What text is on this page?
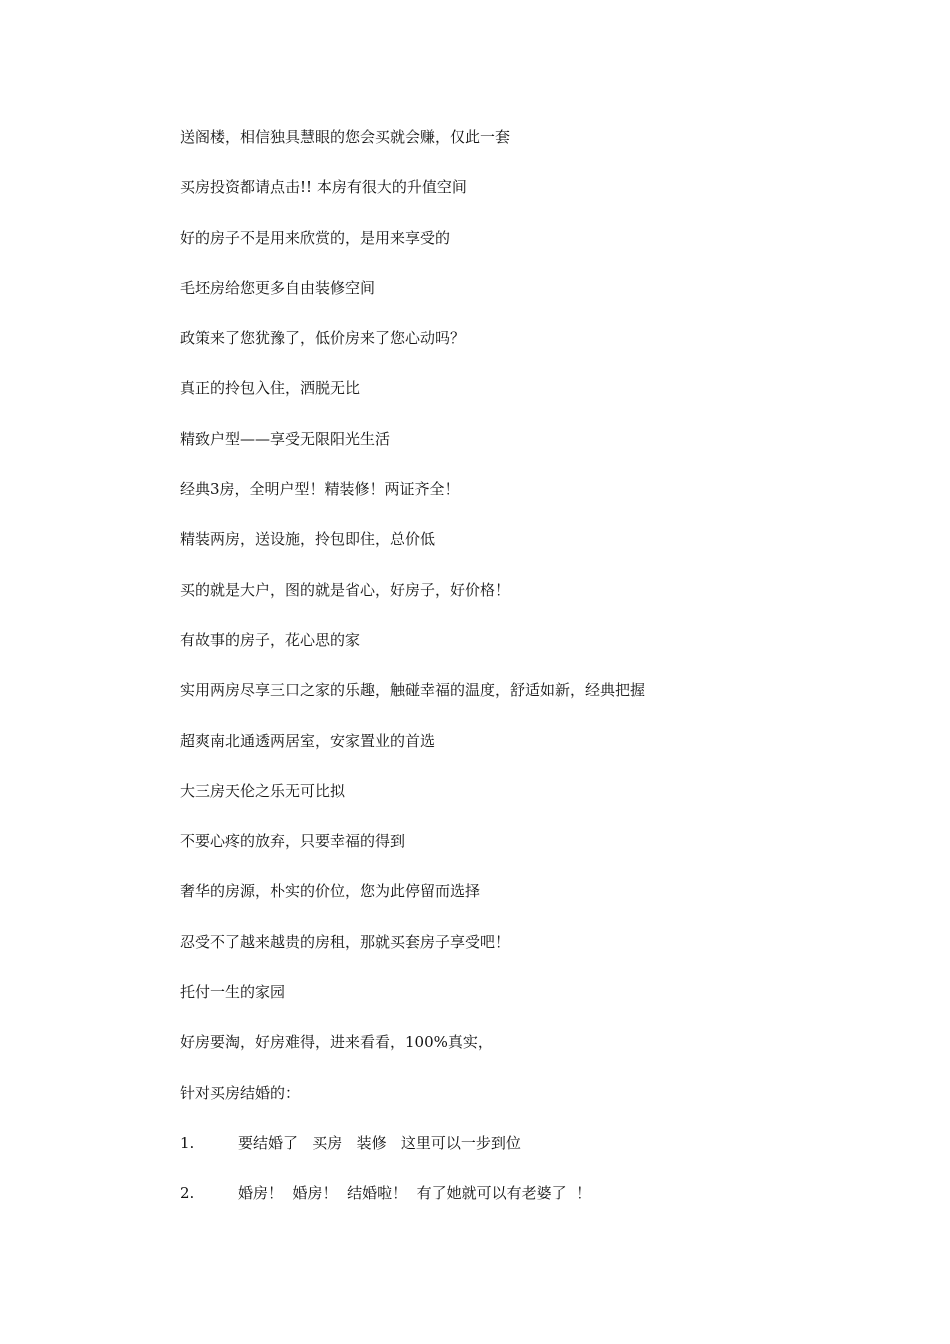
送阁楼，相信独具慧眼的您会买就会赚，仅此一套
买房投资都请点击!! 本房有很大的升值空间
好的房子不是用来欣赏的，是用来享受的
毛坯房给您更多自由装修空间
政策来了您犹豫了，低价房来了您心动吗？
真正的拎包入住，洒脱无比
精致户型——享受无限阳光生活
经典3房，全明户型！精装修！两证齐全！
精装两房，送设施，拎包即住，总价低
买的就是大户，图的就是省心，好房子，好价格！
有故事的房子，花心思的家
实用两房尽享三口之家的乐趣，触碰幸福的温度，舒适如新，经典把握
超爽南北通透两居室，安家置业的首选
大三房天伦之乐无可比拟
不要心疼的放弃，只要幸福的得到
奢华的房源，朴实的价位，您为此停留而选择
忍受不了越来越贵的房租，那就买套房子享受吧！
托付一生的家园
好房要淘，好房难得，进来看看，100%真实，
针对买房结婚的：
1.	要结婚了   买房   装修   这里可以一步到位
2.	婚房！  婚房！  结婚啦！  有了她就可以有老婆了  ！
